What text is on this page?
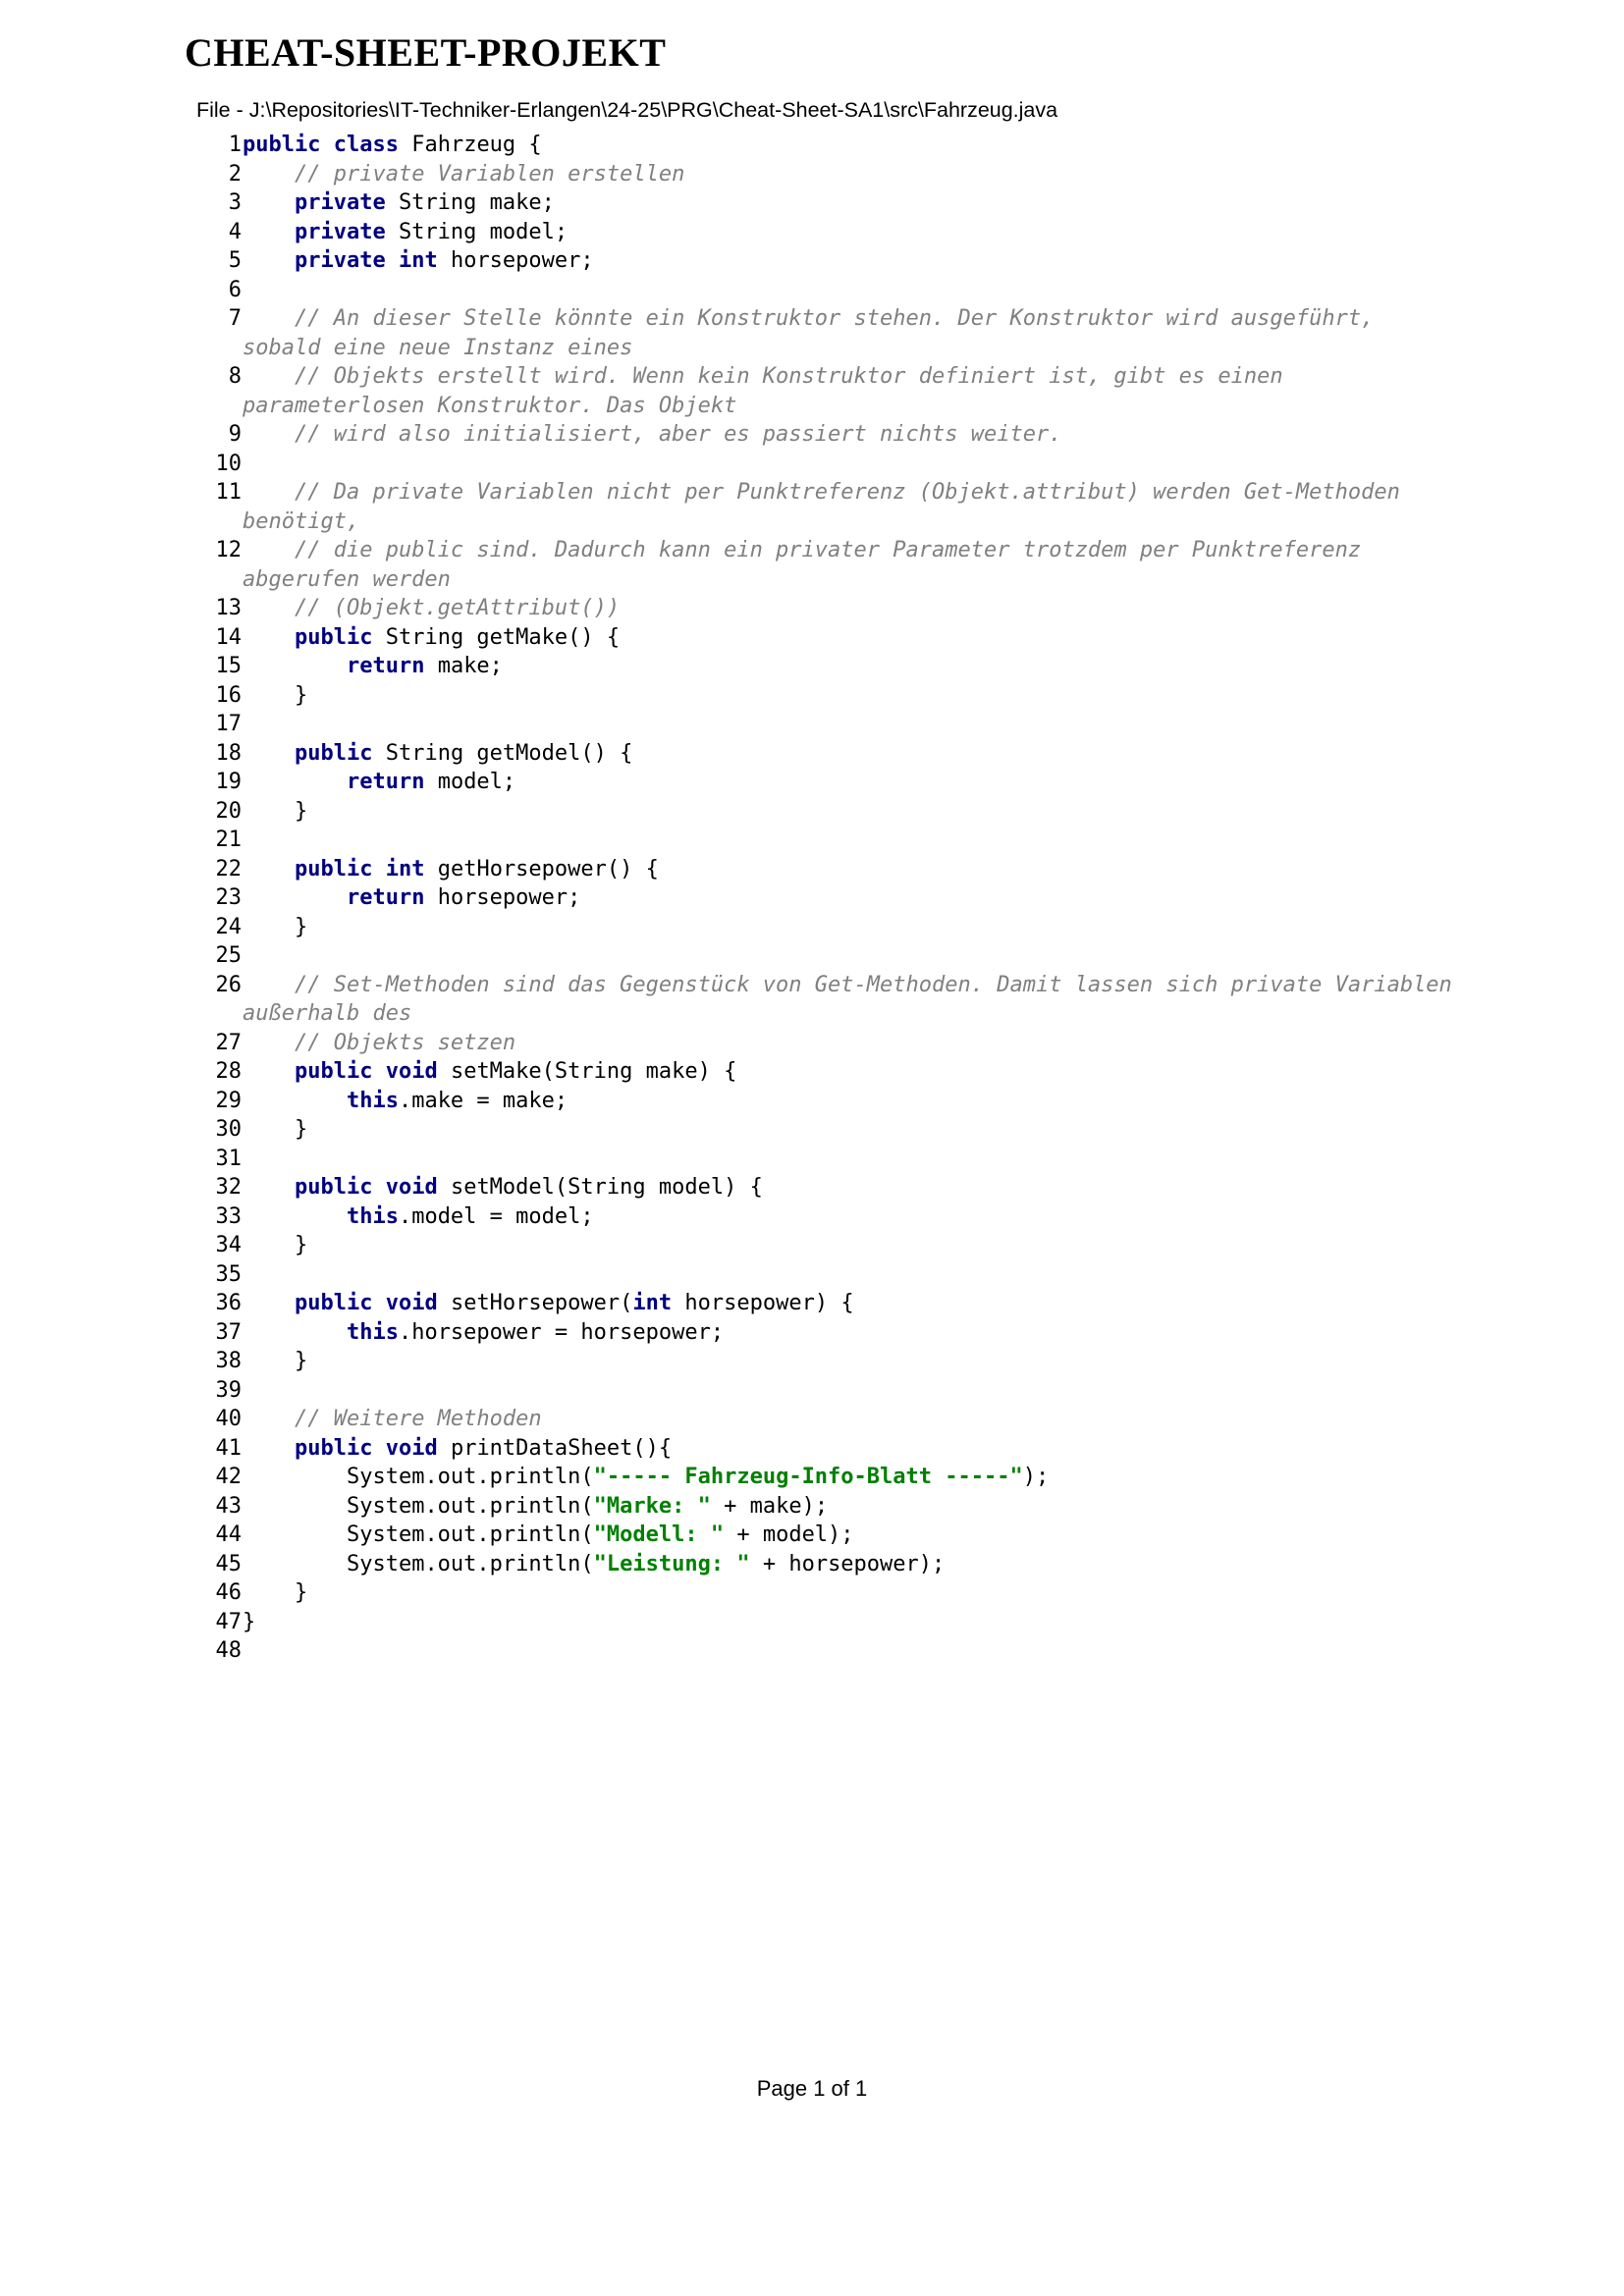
CHEAT-SHEET-PROJEKT
File - J:\Repositories\IT-Techniker-Erlangen\24-25\PRG\Cheat-Sheet-SA1\src\Fahrzeug.java
1 public class Fahrzeug {
2	// private Variablen erstellen
3	private String make;
4	private String model;
5	private int horsepower;
6

7	// An dieser Stelle könnte ein Konstruktor stehen. Der Konstruktor wird ausgeführt, sobald eine neue Instanz eines
8	// Objekts erstellt wird. Wenn kein Konstruktor definiert ist, gibt es einen parameterlosen Konstruktor. Das Objekt
9	// wird also initialisiert, aber es passiert nichts weiter.
10

11	// Da private Variablen nicht per Punktreferenz (Objekt.attribut) werden Get-Methoden  benötigt,
12	// die public sind. Dadurch kann ein privater Parameter trotzdem per Punktreferenz abgerufen werden
13	// (Objekt.getAttribut())
14	public String getMake() {
15	return make;
16 }
17

18	public String getModel() {
19	return model;
20 }
21

22	public int getHorsepower() {
23	return horsepower;
24 }
25

26	// Set-Methoden sind das Gegenstück von Get-Methoden. Damit lassen sich private Variablen außerhalb des
27	// Objekts setzen
28	public void setMake(String make) {
29	this.make = make;
30 }
31

32	public void setModel(String model) {
33	this.model = model;
34 }
35

36	public void setHorsepower(int horsepower) {
37	this.horsepower = horsepower;
38 }
39

40	// Weitere Methoden
41	public void printDataSheet(){
42 System.out.println("----- Fahrzeug-Info-Blatt -----");
43 System.out.println("Marke: " + make);
44 System.out.println("Modell: " + model);
45 System.out.println("Leistung: " + horsepower);
46 }
47 }
48

Page 1 of 1
